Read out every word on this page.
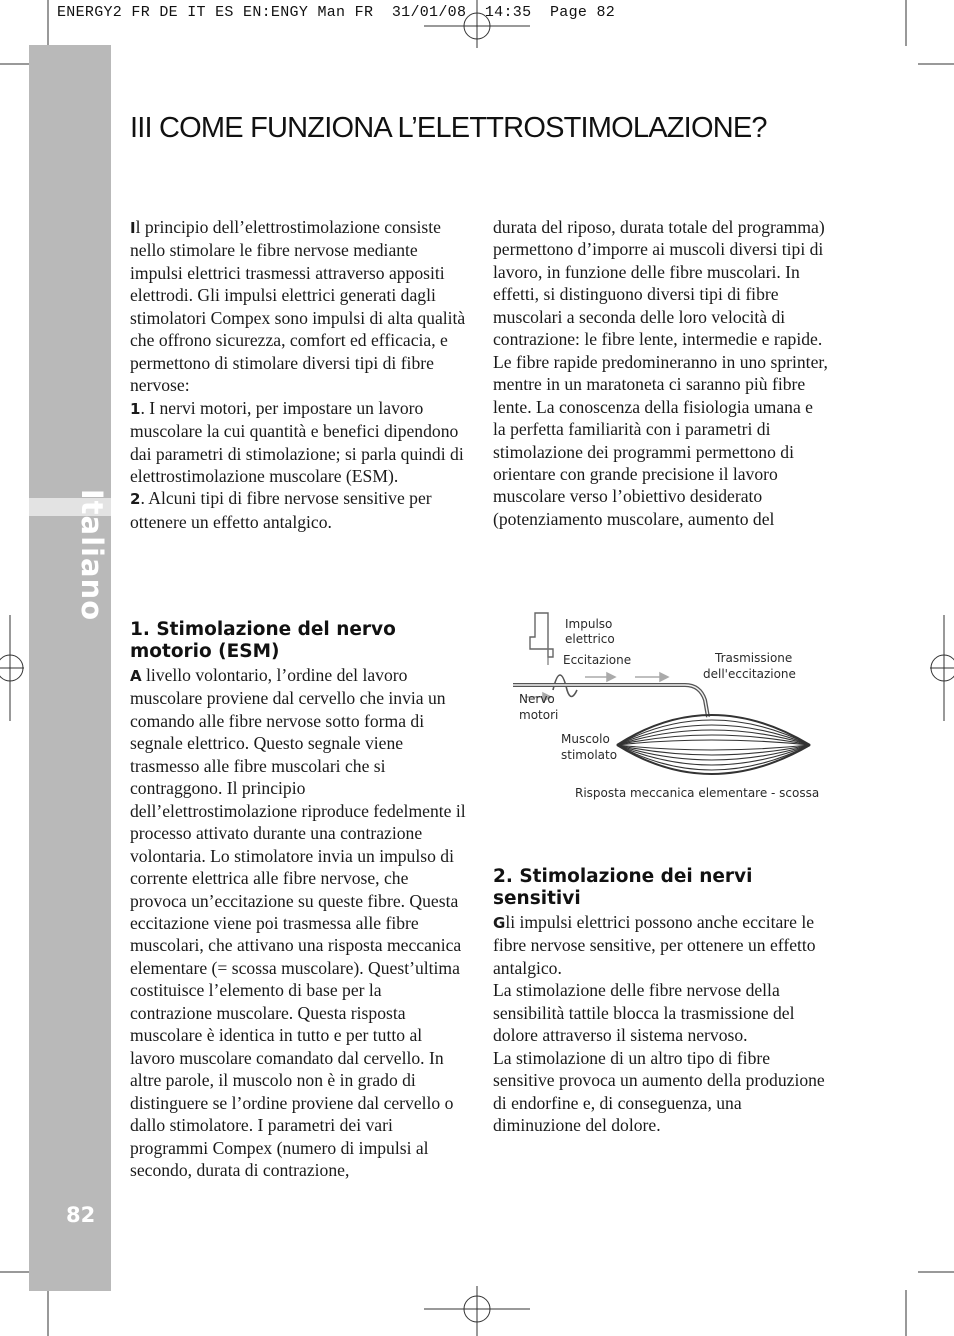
ENERGY2 FR DE IT ES EN:ENGY Man FR  31/01/08  14:35  Page 82
Italiano
82
III COME FUNZIONA L’ELETTROSTIMOLAZIONE?

Il principio dell’elettrostimolazione consiste nello stimolare le fibre nervose mediante impulsi elettrici trasmessi attraverso appositi elettrodi. Gli impulsi elettrici generati dagli stimolatori Compex sono impulsi di alta qualità che offrono sicurezza, comfort ed efficacia, e permettono di stimolare diversi tipi di fibre nervose:

1. I nervi motori, per impostare un lavoro muscolare la cui quantità e benefici dipendono dai parametri di stimolazione; si parla quindi di elettrostimolazione muscolare (ESM).

2. Alcuni tipi di fibre nervose sensitive per ottenere un effetto antalgico.

durata del riposo, durata totale del programma) permettono d’imporre ai muscoli diversi tipi di lavoro, in funzione delle fibre muscolari. In effetti, si distinguono diversi tipi di fibre muscolari a seconda delle loro velocità di contrazione: le fibre lente, intermedie e rapide. Le fibre rapide predomineranno in uno sprinter, mentre in un maratoneta ci saranno più fibre lente. La conoscenza della fisiologia umana e la perfetta familiarità con i parametri di stimolazione dei programmi permettono di orientare con grande precisione il lavoro muscolare verso l’obiettivo desiderato (potenziamento muscolare, aumento del

1. Stimolazione del nervo motorio (ESM)

A livello volontario, l’ordine del lavoro muscolare proviene dal cervello che invia un comando alle fibre nervose sotto forma di segnale elettrico. Questo segnale viene trasmesso alle fibre muscolari che si contraggono. Il principio dell’elettrostimolazione riproduce fedelmente il processo attivato durante una contrazione volontaria. Lo stimolatore invia un impulso di corrente elettrica alle fibre nervose, che provoca un’eccitazione su queste fibre. Questa eccitazione viene poi trasmessa alle fibre muscolari, che attivano una risposta meccanica elementare (= scossa muscolare). Quest’ultima costituisce l’elemento di base per la contrazione muscolare. Questa risposta muscolare è identica in tutto e per tutto al lavoro muscolare comandato dal cervello. In altre parole, il muscolo non è in grado di distinguere se l’ordine proviene dal cervello o dallo stimolatore. I parametri dei vari programmi Compex (numero di impulsi al secondo, durata di contrazione,

Impulso
elettrico
Eccitazione	Trasmissione
dell'eccitazione
Nervo
motori
Muscolo
stimolato
Risposta meccanica elementare - scossa
2. Stimolazione dei nervi sensitivi

Gli impulsi elettrici possono anche eccitare le fibre nervose sensitive, per ottenere un effetto antalgico.

La stimolazione delle fibre nervose della sensibilità tattile blocca la trasmissione del dolore attraverso il sistema nervoso.

La stimolazione di un altro tipo di fibre sensitive provoca un aumento della produzione di endorfine e, di conseguenza, una diminuzione del dolore.
